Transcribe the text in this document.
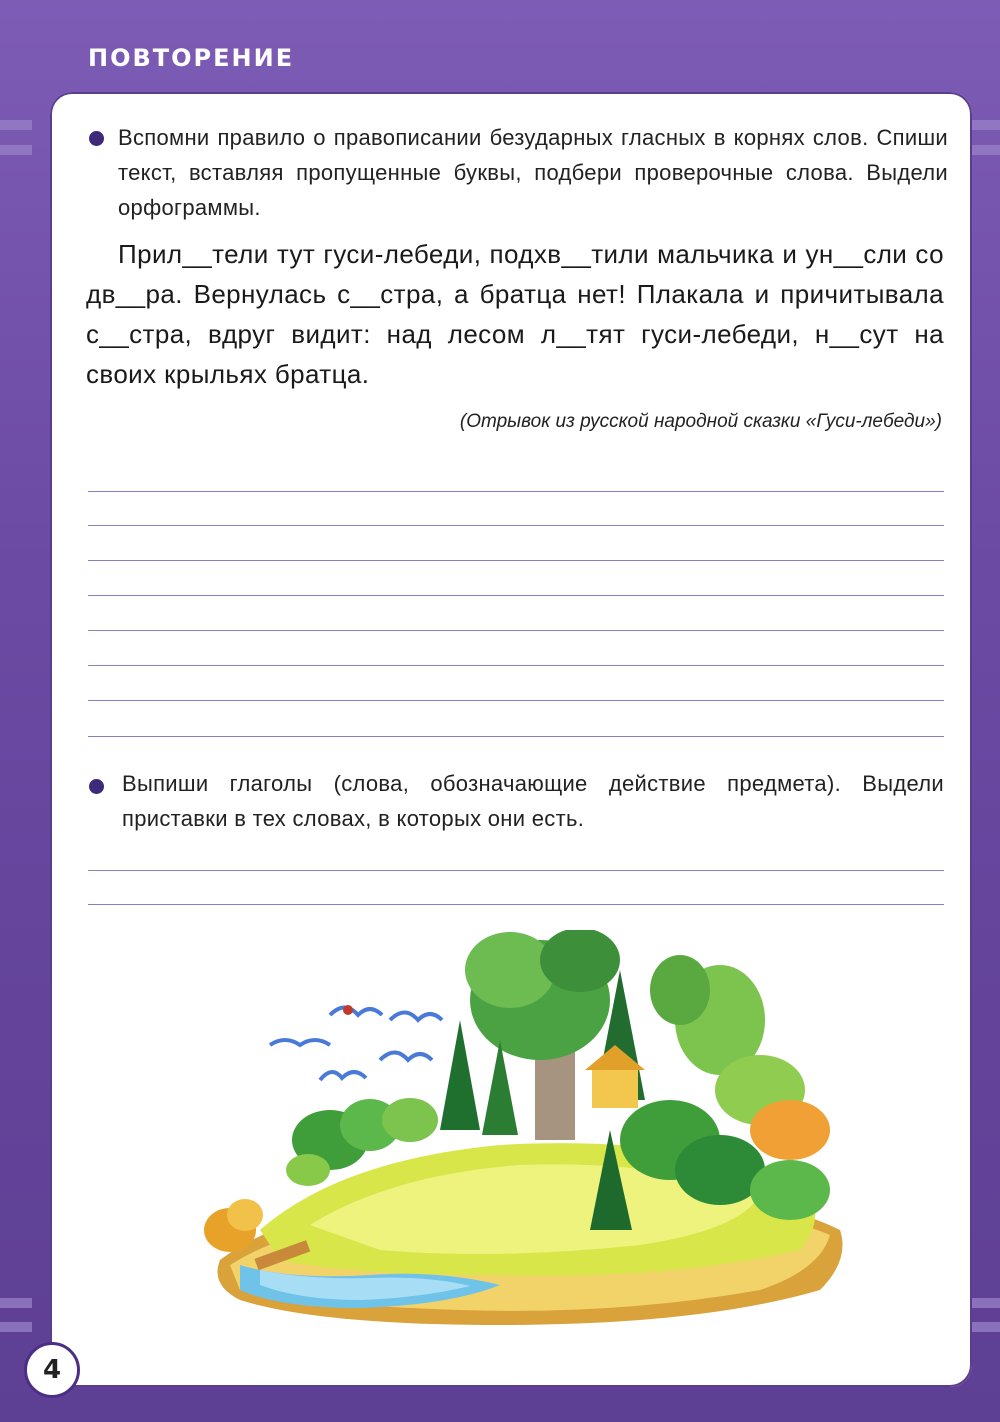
ПОВТОРЕНИЕ
Вспомни правило о правописании безударных гласных в корнях слов. Спиши текст, вставляя пропущенные буквы, подбери проверочные слова. Выдели орфограммы.

Прил__тели тут гуси-лебеди, подхв__тили мальчика и ун__сли со дв__ра. Вернулась с__стра, а братца нет! Плакала и причитывала с__стра, вдруг видит: над лесом л__тят гуси-лебеди, н__сут на своих крыльях братца.

(Отрывок из русской народной сказки «Гуси-лебеди»)
Выпиши глаголы (слова, обозначающие действие предмета). Выдели приставки в тех словах, в которых они есть.
4
